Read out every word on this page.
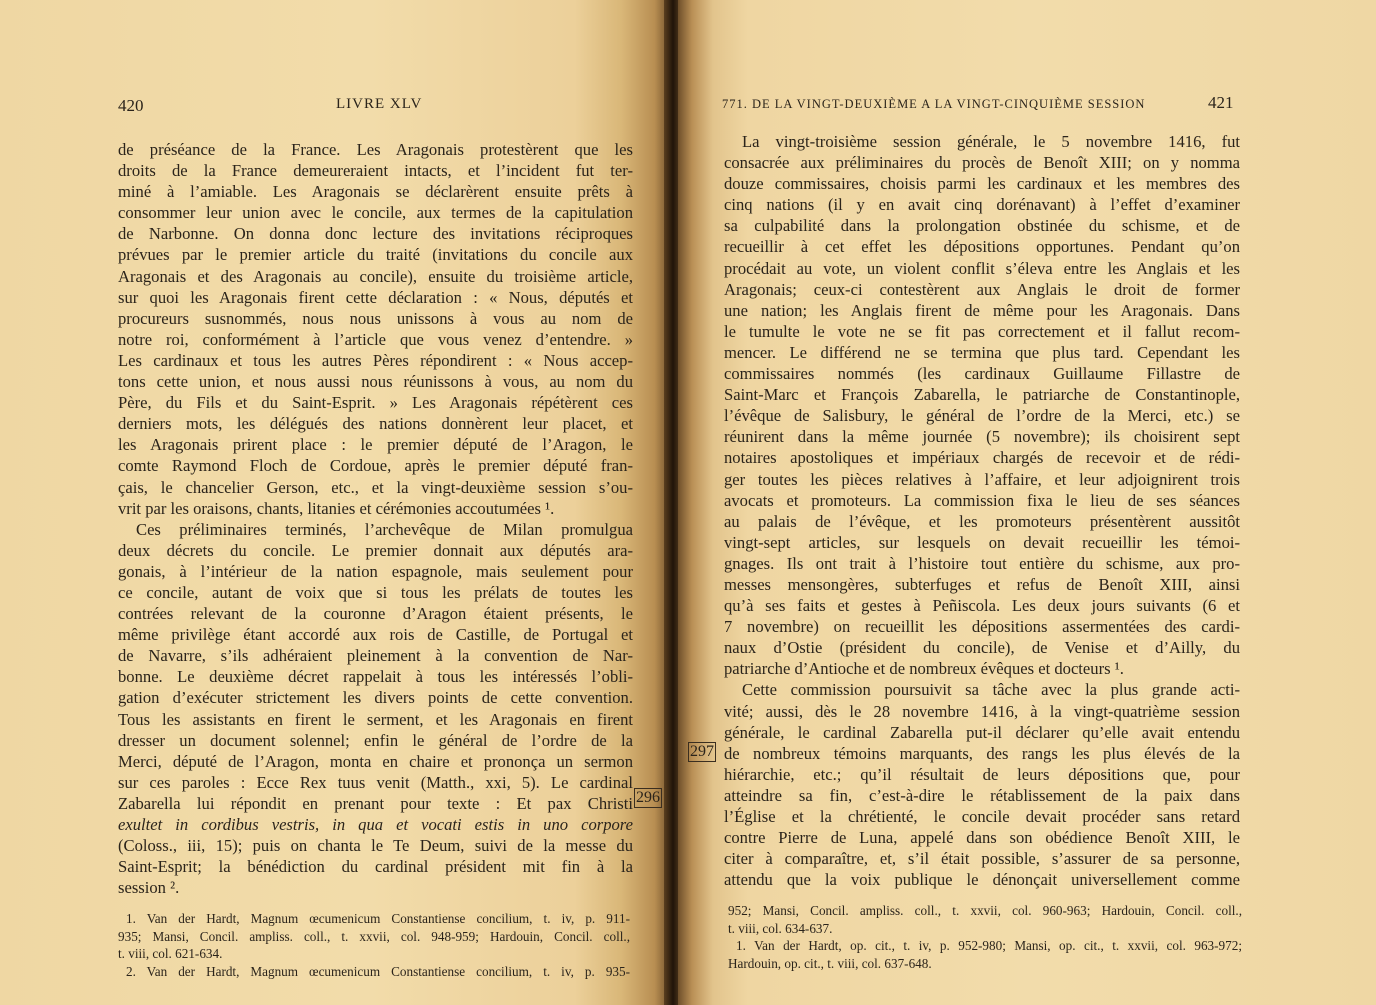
420	LIVRE XLV
de préséance de la France. Les Aragonais protestèrent que les
droits de la France demeureraient intacts, et l’incident fut ter-
miné à l’amiable. Les Aragonais se déclarèrent ensuite prêts à
consommer leur union avec le concile, aux termes de la capitulation
de Narbonne. On donna donc lecture des invitations réciproques
prévues par le premier article du traité (invitations du concile aux
Aragonais et des Aragonais au concile), ensuite du troisième article,
sur quoi les Aragonais firent cette déclaration : « Nous, députés et
procureurs susnommés, nous nous unissons à vous au nom de
notre roi, conformément à l’article que vous venez d’entendre. »
Les cardinaux et tous les autres Pères répondirent : « Nous accep-
tons cette union, et nous aussi nous réunissons à vous, au nom du
Père, du Fils et du Saint-Esprit. » Les Aragonais répétèrent ces
derniers mots, les délégués des nations donnèrent leur placet, et
les Aragonais prirent place : le premier député de l’Aragon, le
comte Raymond Floch de Cordoue, après le premier député fran-
çais, le chancelier Gerson, etc., et la vingt-deuxième session s’ou-
vrit par les oraisons, chants, litanies et cérémonies accoutumées ¹.
Ces préliminaires terminés, l’archevêque de Milan promulgua
deux décrets du concile. Le premier donnait aux députés ara-
gonais, à l’intérieur de la nation espagnole, mais seulement pour
ce concile, autant de voix que si tous les prélats de toutes les
contrées relevant de la couronne d’Aragon étaient présents, le
même privilège étant accordé aux rois de Castille, de Portugal et
de Navarre, s’ils adhéraient pleinement à la convention de Nar-
bonne. Le deuxième décret rappelait à tous les intéressés l’obli-
gation d’exécuter strictement les divers points de cette convention.
Tous les assistants en firent le serment, et les Aragonais en firent
dresser un document solennel; enfin le général de l’ordre de la
Merci, député de l’Aragon, monta en chaire et prononça un sermon
sur ces paroles : Ecce Rex tuus venit (Matth., xxi, 5). Le cardinal
Zabarella lui répondit en prenant pour texte : Et pax Christi
exultet in cordibus vestris, in qua et vocati estis in uno corpore
(Coloss., iii, 15); puis on chanta le Te Deum, suivi de la messe du
Saint-Esprit; la bénédiction du cardinal président mit fin à la
session ².
296
1. Van der Hardt, Magnum œcumenicum Constantiense concilium, t. iv, p. 911-
935; Mansi, Concil. ampliss. coll., t. xxvii, col. 948-959; Hardouin, Concil. coll.,
t. viii, col. 621-634.
2. Van der Hardt, Magnum œcumenicum Constantiense concilium, t. iv, p. 935-
771. DE LA VINGT-DEUXIÈME A LA VINGT-CINQUIÈME SESSION	421
297
La vingt-troisième session générale, le 5 novembre 1416, fut
consacrée aux préliminaires du procès de Benoît XIII; on y nomma
douze commissaires, choisis parmi les cardinaux et les membres des
cinq nations (il y en avait cinq dorénavant) à l’effet d’examiner
sa culpabilité dans la prolongation obstinée du schisme, et de
recueillir à cet effet les dépositions opportunes. Pendant qu’on
procédait au vote, un violent conflit s’éleva entre les Anglais et les
Aragonais; ceux-ci contestèrent aux Anglais le droit de former
une nation; les Anglais firent de même pour les Aragonais. Dans
le tumulte le vote ne se fit pas correctement et il fallut recom-
mencer. Le différend ne se termina que plus tard. Cependant les
commissaires nommés (les cardinaux Guillaume Fillastre de
Saint-Marc et François Zabarella, le patriarche de Constantinople,
l’évêque de Salisbury, le général de l’ordre de la Merci, etc.) se
réunirent dans la même journée (5 novembre); ils choisirent sept
notaires apostoliques et impériaux chargés de recevoir et de rédi-
ger toutes les pièces relatives à l’affaire, et leur adjoignirent trois
avocats et promoteurs. La commission fixa le lieu de ses séances
au palais de l’évêque, et les promoteurs présentèrent aussitôt
vingt-sept articles, sur lesquels on devait recueillir les témoi-
gnages. Ils ont trait à l’histoire tout entière du schisme, aux pro-
messes mensongères, subterfuges et refus de Benoît XIII, ainsi
qu’à ses faits et gestes à Peñiscola. Les deux jours suivants (6 et
7 novembre) on recueillit les dépositions assermentées des cardi-
naux d’Ostie (président du concile), de Venise et d’Ailly, du
patriarche d’Antioche et de nombreux évêques et docteurs ¹.
Cette commission poursuivit sa tâche avec la plus grande acti-
vité; aussi, dès le 28 novembre 1416, à la vingt-quatrième session
générale, le cardinal Zabarella put-il déclarer qu’elle avait entendu
de nombreux témoins marquants, des rangs les plus élevés de la
hiérarchie, etc.; qu’il résultait de leurs dépositions que, pour
atteindre sa fin, c’est-à-dire le rétablissement de la paix dans
l’Église et la chrétienté, le concile devait procéder sans retard
contre Pierre de Luna, appelé dans son obédience Benoît XIII, le
citer à comparaître, et, s’il était possible, s’assurer de sa personne,
attendu que la voix publique le dénonçait universellement comme
952; Mansi, Concil. ampliss. coll., t. xxvii, col. 960-963; Hardouin, Concil. coll.,
t. viii, col. 634-637.
1. Van der Hardt, op. cit., t. iv, p. 952-980; Mansi, op. cit., t. xxvii, col. 963-972;
Hardouin, op. cit., t. viii, col. 637-648.
